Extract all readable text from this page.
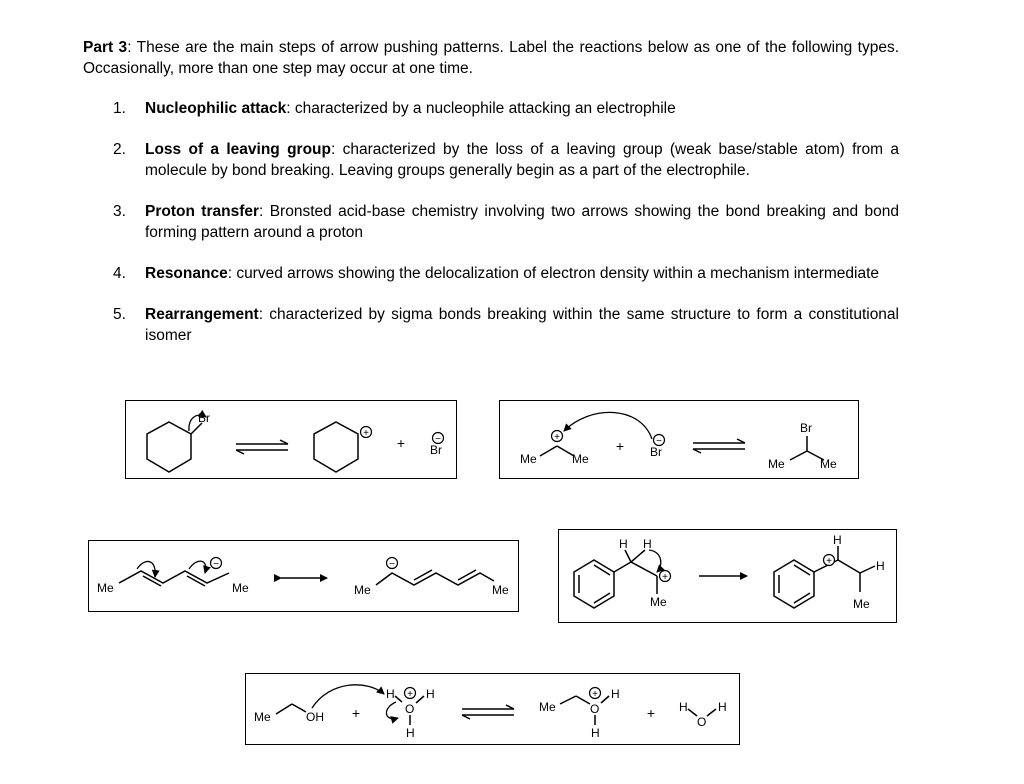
Part 3: These are the main steps of arrow pushing patterns. Label the reactions below as one of the following types. Occasionally, more than one step may occur at one time.

1. Nucleophilic attack: characterized by a nucleophile attacking an electrophile
2. Loss of a leaving group: characterized by the loss of a leaving group (weak base/stable atom) from a molecule by bond breaking. Leaving groups generally begin as a part of the electrophile.
3. Proton transfer: Bronsted acid-base chemistry involving two arrows showing the bond breaking and bond forming pattern around a proton
4. Resonance: curved arrows showing the delocalization of electron density within a mechanism intermediate
5. Rearrangement: characterized by sigma bonds breaking within the same structure to form a constitutional isomer
Br
+
+	−
Br
+
Me	Me
+	−
Br
Br
Me	Me
Me	Me
−
Me
−
Me
H H
+
Me
H
+	H
Me
Me	OH +
H +
O
H
H
Me
+
O
H
H
+ H
O
H
